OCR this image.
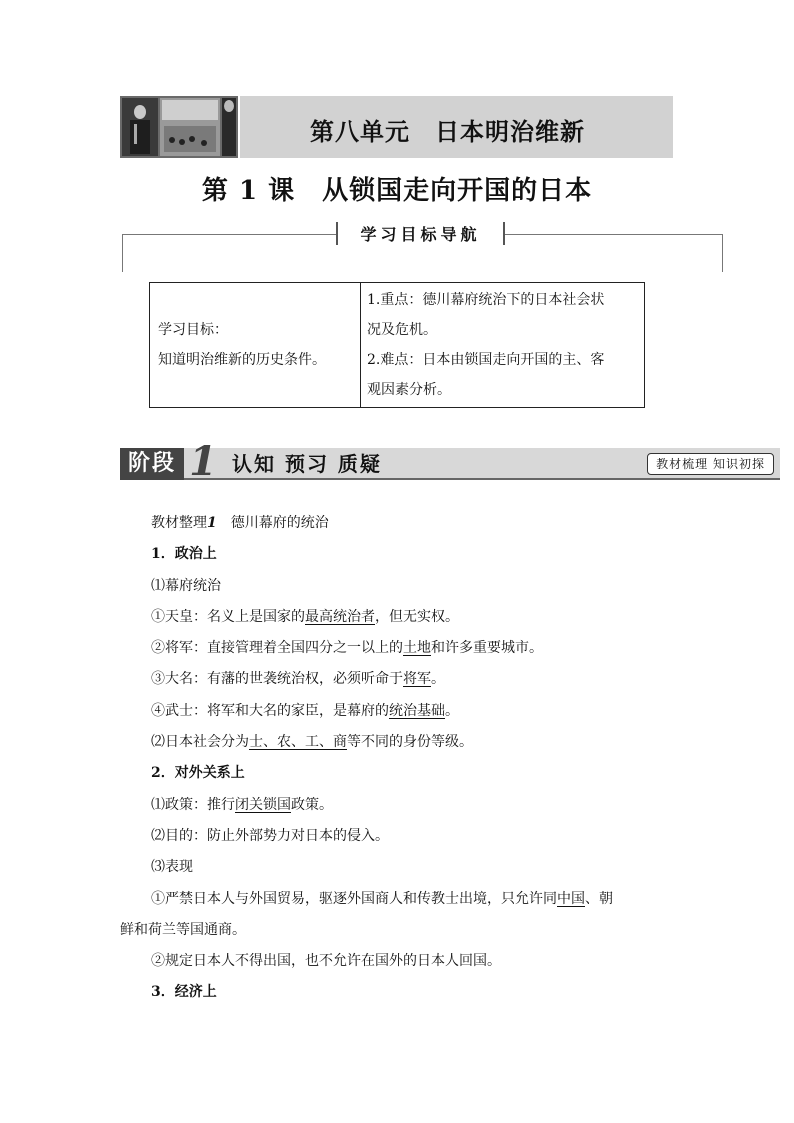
第八单元　日本明治维新
第 1 课　从锁国走向开国的日本
学习目标导航
学习目标：
知道明治维新的历史条件。

1.重点：德川幕府统治下的日本社会状
况及危机。
2.难点：日本由锁国走向开国的主、客
观因素分析。
阶段 1 认知 预习 质疑	教材梳理 知识初探
教材整理1　德川幕府的统治
1．政治上
⑴幕府统治
①天皇：名义上是国家的最高统治者，但无实权。
②将军：直接管理着全国四分之一以上的土地和许多重要城市。
③大名：有藩的世袭统治权，必须听命于将军。
④武士：将军和大名的家臣，是幕府的统治基础。
⑵日本社会分为士、农、工、商等不同的身份等级。
2．对外关系上
⑴政策：推行闭关锁国政策。
⑵目的：防止外部势力对日本的侵入。
⑶表现
①严禁日本人与外国贸易，驱逐外国商人和传教士出境，只允许同中国、朝
鲜和荷兰等国通商。
②规定日本人不得出国，也不允许在国外的日本人回国。
3．经济上
